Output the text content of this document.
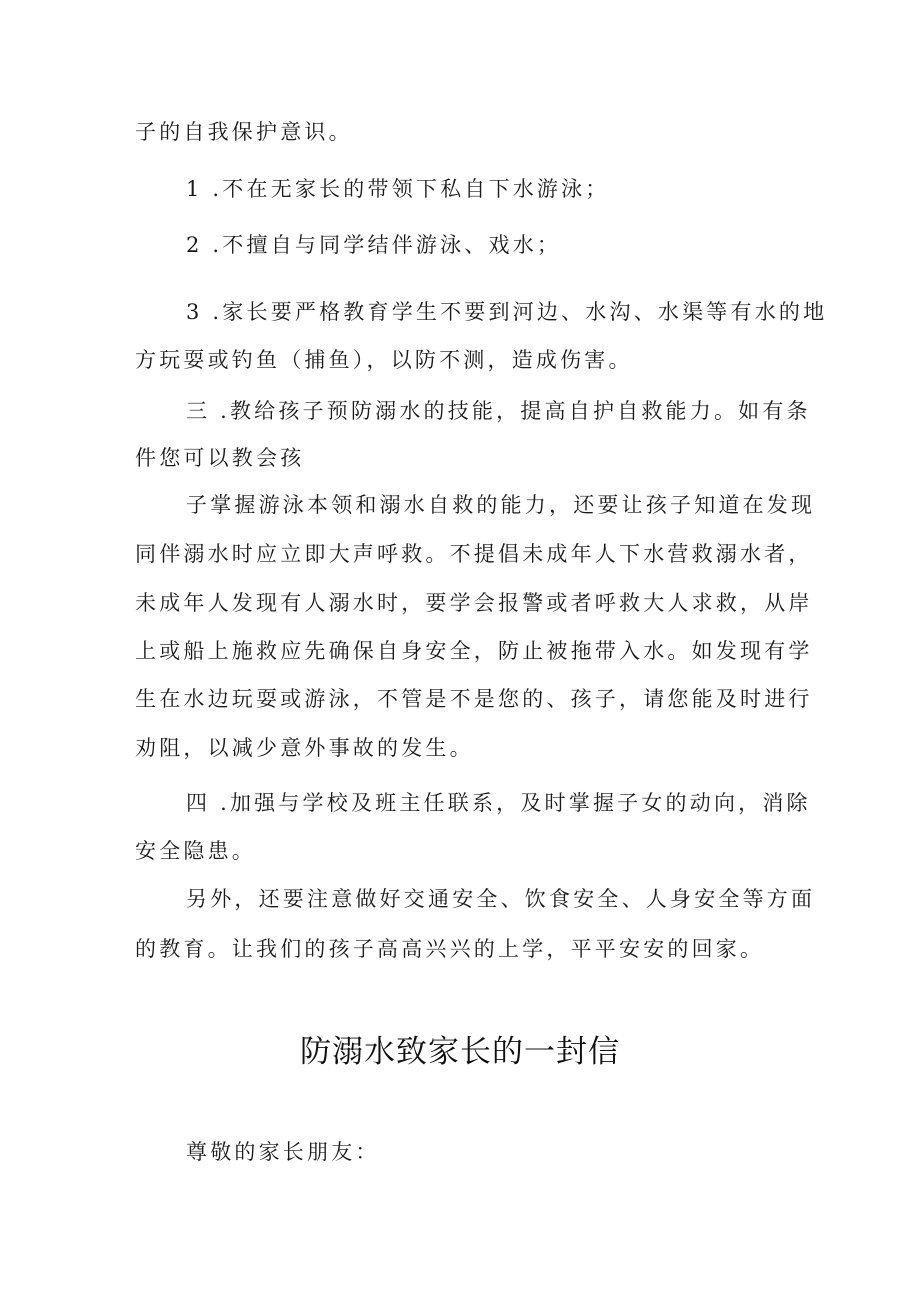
子的自我保护意识。
1 .不在无家长的带领下私自下水游泳；
2 .不擅自与同学结伴游泳、戏水；
3 .家长要严格教育学生不要到河边、水沟、水渠等有水的地
方玩耍或钓鱼（捕鱼），以防不测，造成伤害。
三 .教给孩子预防溺水的技能，提高自护自救能力。如有条
件您可以教会孩
子掌握游泳本领和溺水自救的能力，还要让孩子知道在发现
同伴溺水时应立即大声呼救。不提倡未成年人下水营救溺水者，
未成年人发现有人溺水时，要学会报警或者呼救大人求救，从岸
上或船上施救应先确保自身安全，防止被拖带入水。如发现有学
生在水边玩耍或游泳，不管是不是您的、孩子，请您能及时进行
劝阻，以减少意外事故的发生。
四 .加强与学校及班主任联系，及时掌握子女的动向，消除
安全隐患。
另外，还要注意做好交通安全、饮食安全、人身安全等方面
的教育。让我们的孩子高高兴兴的上学，平平安安的回家。
防溺水致家长的一封信
尊敬的家长朋友：
